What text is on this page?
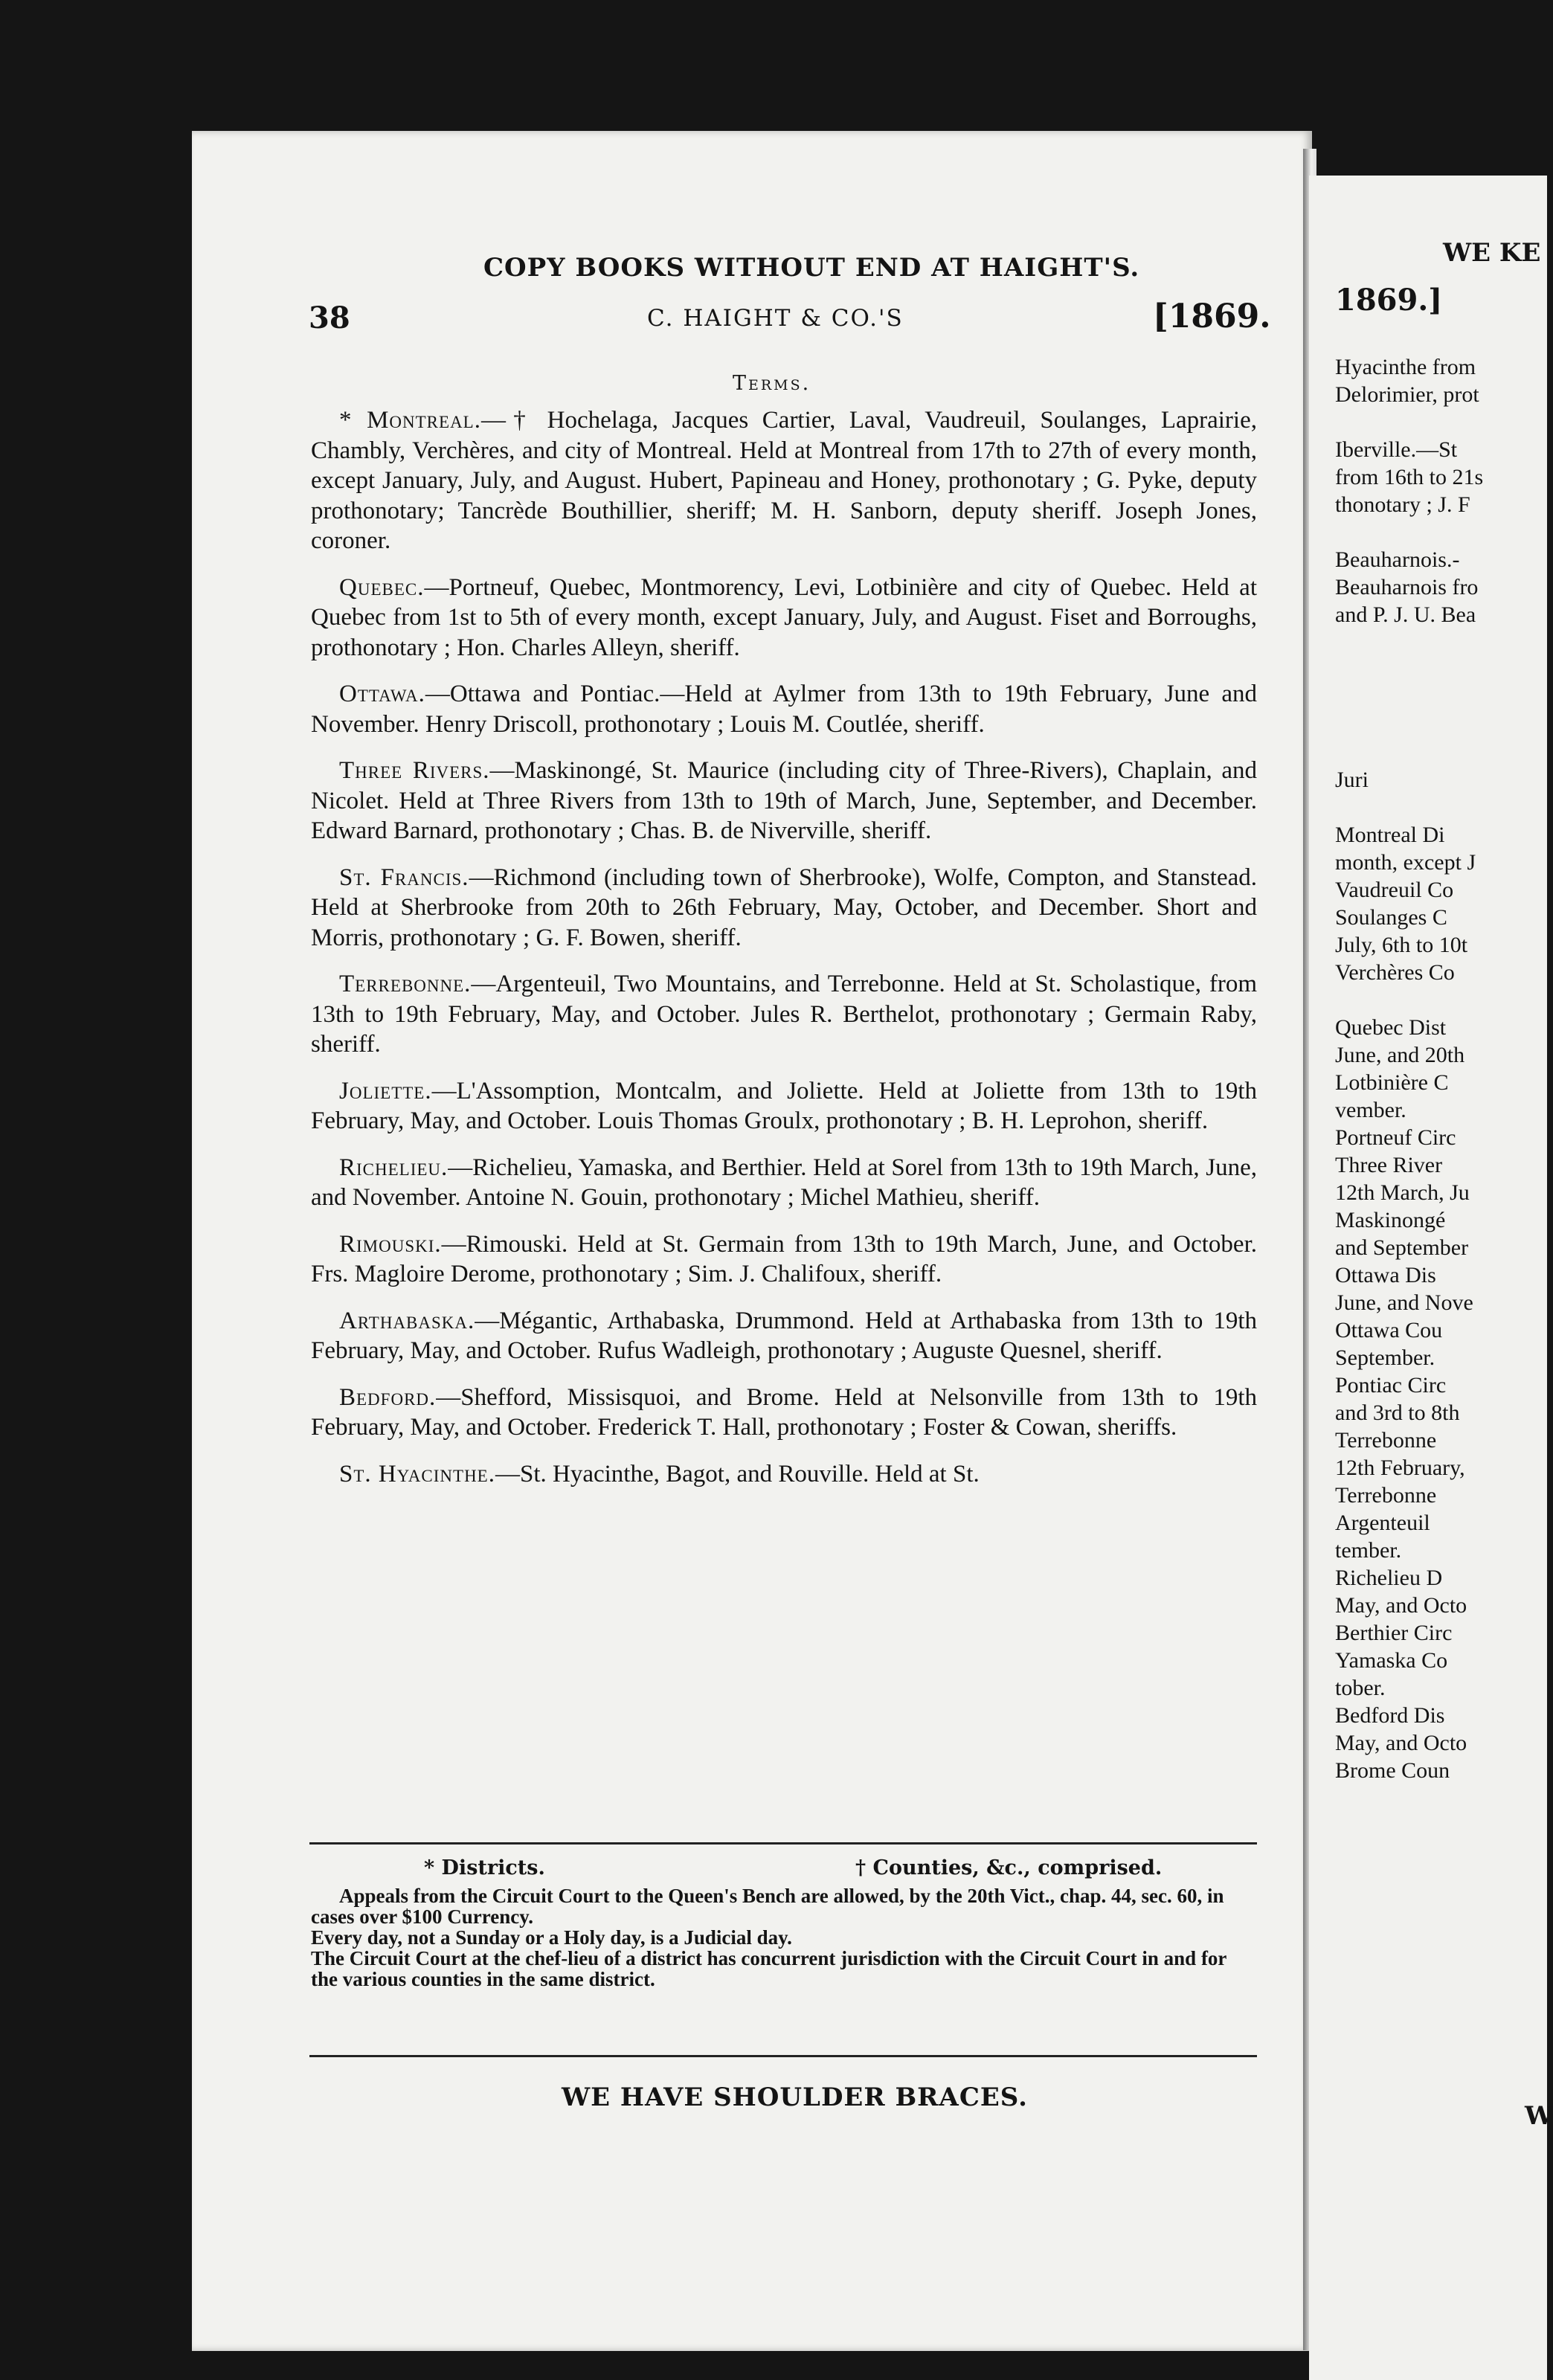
COPY BOOKS WITHOUT END AT HAIGHT'S.
38	C. HAIGHT & CO.'S	[1869.
Terms.

* Montreal.—† Hochelaga, Jacques Cartier, Laval, Vaudreuil, Soulanges, Laprairie, Chambly, Verchères, and city of Montreal. Held at Montreal from 17th to 27th of every month, except January, July, and August. Hubert, Papineau and Honey, prothonotary ; G. Pyke, deputy prothonotary; Tancrède Bouthillier, sheriff; M. H. Sanborn, deputy sheriff. Joseph Jones, coroner.

Quebec.—Portneuf, Quebec, Montmorency, Levi, Lotbinière and city of Quebec. Held at Quebec from 1st to 5th of every month, except January, July, and August. Fiset and Borroughs, prothonotary ; Hon. Charles Alleyn, sheriff.

Ottawa.—Ottawa and Pontiac.—Held at Aylmer from 13th to 19th February, June and November. Henry Driscoll, prothonotary ; Louis M. Coutlée, sheriff.

Three Rivers.—Maskinongé, St. Maurice (including city of Three-Rivers), Chaplain, and Nicolet. Held at Three Rivers from 13th to 19th of March, June, September, and December. Edward Barnard, prothonotary ; Chas. B. de Niverville, sheriff.

St. Francis.—Richmond (including town of Sherbrooke), Wolfe, Compton, and Stanstead. Held at Sherbrooke from 20th to 26th February, May, October, and December. Short and Morris, prothonotary ; G. F. Bowen, sheriff.

Terrebonne.—Argenteuil, Two Mountains, and Terrebonne. Held at St. Scholastique, from 13th to 19th February, May, and October. Jules R. Berthelot, prothonotary ; Germain Raby, sheriff.

Joliette.—L'Assomption, Montcalm, and Joliette. Held at Joliette from 13th to 19th February, May, and October. Louis Thomas Groulx, prothonotary ; B. H. Leprohon, sheriff.

Richelieu.—Richelieu, Yamaska, and Berthier. Held at Sorel from 13th to 19th March, June, and November. Antoine N. Gouin, prothonotary ; Michel Mathieu, sheriff.

Rimouski.—Rimouski. Held at St. Germain from 13th to 19th March, June, and October. Frs. Magloire Derome, prothonotary ; Sim. J. Chalifoux, sheriff.

Arthabaska.—Mégantic, Arthabaska, Drummond. Held at Arthabaska from 13th to 19th February, May, and October. Rufus Wadleigh, prothonotary ; Auguste Quesnel, sheriff.

Bedford.—Shefford, Missisquoi, and Brome. Held at Nelsonville from 13th to 19th February, May, and October. Frederick T. Hall, prothonotary ; Foster & Cowan, sheriffs.

St. Hyacinthe.—St. Hyacinthe, Bagot, and Rouville. Held at St.

* Districts.	† Counties, &c., comprised.
Appeals from the Circuit Court to the Queen's Bench are allowed, by the 20th Vict., chap. 44, sec. 60, in cases over $100 Currency.
Every day, not a Sunday or a Holy day, is a Judicial day.
The Circuit Court at the chef-lieu of a district has concurrent jurisdiction with the Circuit Court in and for the various counties in the same district.
WE HAVE SHOULDER BRACES.
WE KE
1869.]
Hyacinthe from
Delorimier, prot

Iberville.—St
from 16th to 21s
thonotary ; J. F

Beauharnois.-
Beauharnois fro
and P. J. U. Bea

Juri

Montreal Di
month, except J
Vaudreuil Co
Soulanges C
July, 6th to 10t
Verchères Co

Quebec Dist
June, and 20th
Lotbinière C
vember.
Portneuf Circ
Three River
12th March, Ju
Maskinongé
and September
Ottawa Dis
June, and Nove
Ottawa Cou
September.
Pontiac Circ
and 3rd to 8th
Terrebonne
12th February,
Terrebonne
Argenteuil
tember.
Richelieu D
May, and Octo
Berthier Circ
Yamaska Co
tober.
Bedford Dis
May, and Octo
Brome Coun
W
